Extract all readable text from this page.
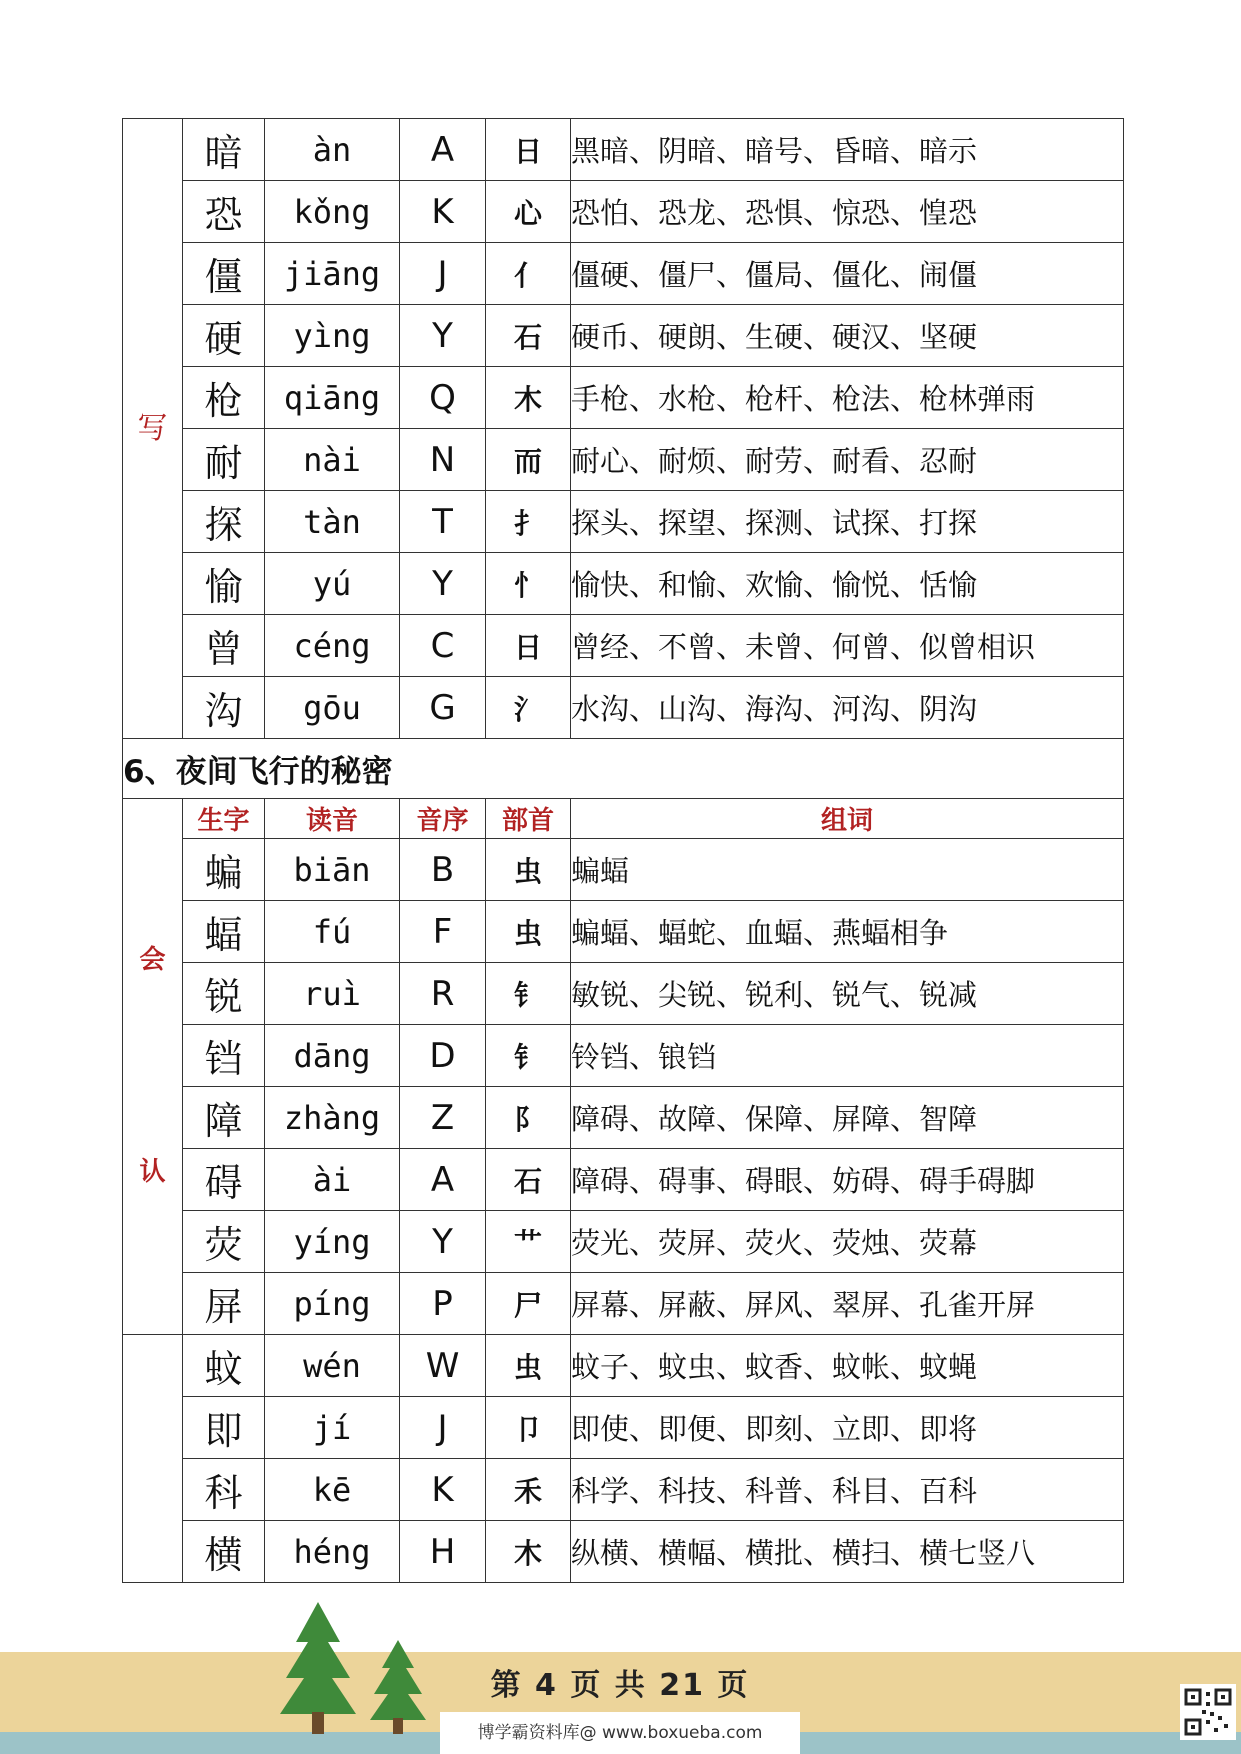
写	暗	àn	A	日	黑暗、阴暗、暗号、昏暗、暗示
	恐	kǒng	K	心	恐怕、恐龙、恐惧、惊恐、惶恐
	僵	jiāng	J	亻	僵硬、僵尸、僵局、僵化、闹僵
	硬	yìng	Y	石	硬币、硬朗、生硬、硬汉、坚硬
	枪	qiāng	Q	木	手枪、水枪、枪杆、枪法、枪林弹雨
	耐	nài	N	而	耐心、耐烦、耐劳、耐看、忍耐
	探	tàn	T	扌	探头、探望、探测、试探、打探
	愉	yú	Y	忄	愉快、和愉、欢愉、愉悦、恬愉
	曾	céng	C	日	曾经、不曾、未曾、何曾、似曾相识
	沟	gōu	G	氵	水沟、山沟、海沟、河沟、阴沟
6、夜间飞行的秘密					

会
认	生字	读音	音序	部首	组词
	蝙	biān	B	虫	蝙蝠
	蝠	fú	F	虫	蝙蝠、蝠蛇、血蝠、燕蝠相争
	锐	ruì	R	钅	敏锐、尖锐、锐利、锐气、锐减
	铛	dāng	D	钅	铃铛、锒铛
	障	zhàng	Z	阝	障碍、故障、保障、屏障、智障
	碍	ài	A	石	障碍、碍事、碍眼、妨碍、碍手碍脚
	荧	yíng	Y	艹	荧光、荧屏、荧火、荧烛、荧幕
	屏	píng	P	尸	屏幕、屏蔽、屏风、翠屏、孔雀开屏
	蚊	wén	W	虫	蚊子、蚊虫、蚊香、蚊帐、蚊蝇
	即	jí	J	卩	即使、即便、即刻、立即、即将
	科	kē	K	禾	科学、科技、科普、科目、百科
	横	héng	H	木	纵横、横幅、横批、横扫、横七竖八
第 4 页 共 21 页
博学霸资料库@ www.boxueba.com
